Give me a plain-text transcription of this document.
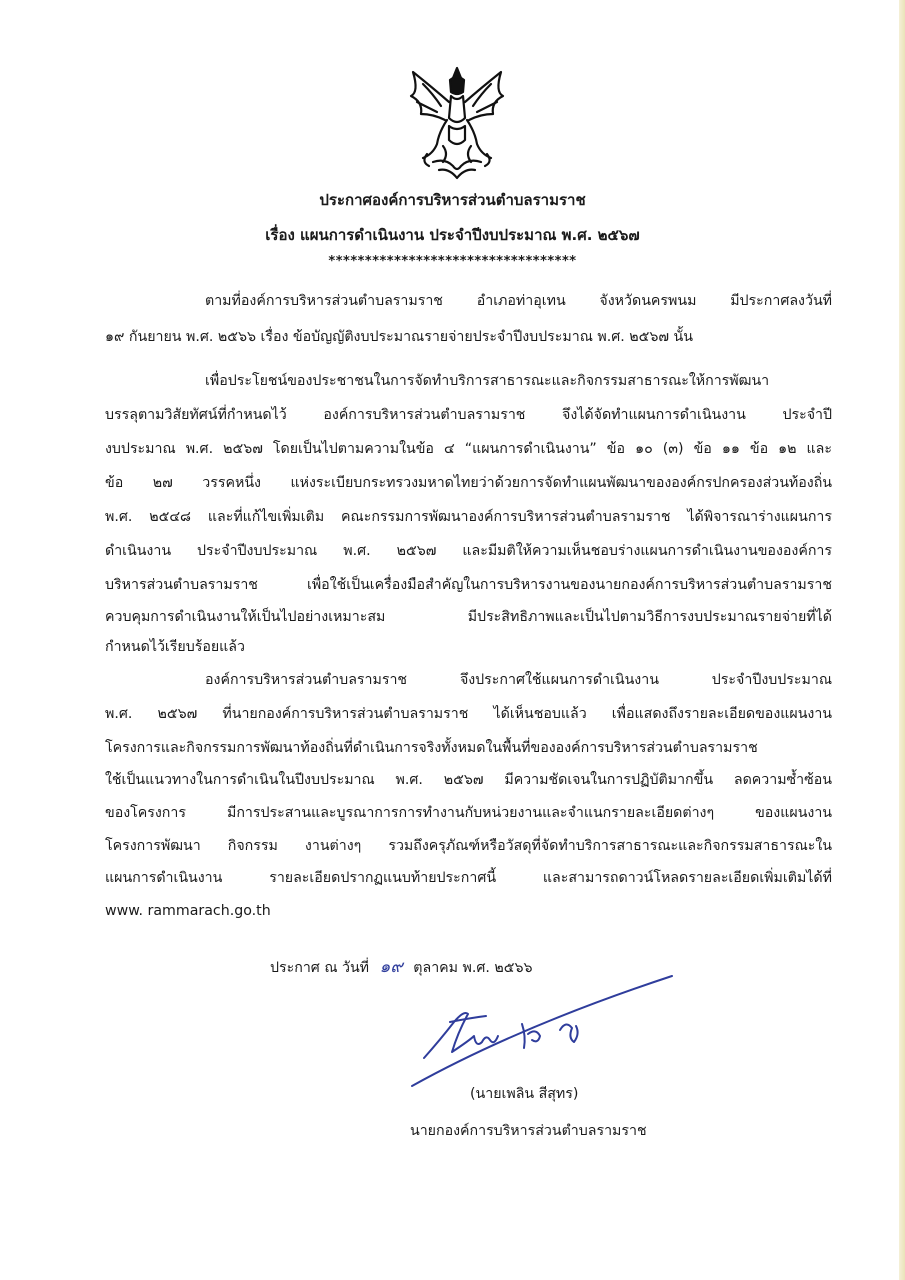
ประกาศองค์การบริหารส่วนตำบลรามราช
เรื่อง แผนการดำเนินงาน ประจำปีงบประมาณ พ.ศ. ๒๕๖๗
**********************************
ตามที่องค์การบริหารส่วนตำบลรามราช อำเภอท่าอุเทน จังหวัดนครพนม มีประกาศลงวันที่
๑๙ กันยายน พ.ศ. ๒๕๖๖ เรื่อง ข้อบัญญัติงบประมาณรายจ่ายประจำปีงบประมาณ พ.ศ. ๒๕๖๗ นั้น
เพื่อประโยชน์ของประชาชนในการจัดทำบริการสาธารณะและกิจกรรมสาธารณะให้การพัฒนา
บรรลุตามวิสัยทัศน์ที่กำหนดไว้ องค์การบริหารส่วนตำบลรามราช จึงได้จัดทำแผนการดำเนินงาน ประจำปี
งบประมาณ พ.ศ. ๒๕๖๗ โดยเป็นไปตามความในข้อ ๔ “แผนการดำเนินงาน” ข้อ ๑๐ (๓) ข้อ ๑๑ ข้อ ๑๒ และ
ข้อ ๒๗ วรรคหนึ่ง แห่งระเบียบกระทรวงมหาดไทยว่าด้วยการจัดทำแผนพัฒนาขององค์กรปกครองส่วนท้องถิ่น
พ.ศ. ๒๕๔๘ และที่แก้ไขเพิ่มเติม คณะกรรมการพัฒนาองค์การบริหารส่วนตำบลรามราช ได้พิจารณาร่างแผนการ
ดำเนินงาน ประจำปีงบประมาณ พ.ศ. ๒๕๖๗ และมีมติให้ความเห็นชอบร่างแผนการดำเนินงานขององค์การ
บริหารส่วนตำบลรามราช เพื่อใช้เป็นเครื่องมือสำคัญในการบริหารงานของนายกองค์การบริหารส่วนตำบลรามราช
ควบคุมการดำเนินงานให้เป็นไปอย่างเหมาะสม มีประสิทธิภาพและเป็นไปตามวิธีการงบประมาณรายจ่ายที่ได้
กำหนดไว้เรียบร้อยแล้ว
องค์การบริหารส่วนตำบลรามราช จึงประกาศใช้แผนการดำเนินงาน ประจำปีงบประมาณ
พ.ศ. ๒๕๖๗ ที่นายกองค์การบริหารส่วนตำบลรามราช ได้เห็นชอบแล้ว เพื่อแสดงถึงรายละเอียดของแผนงาน
โครงการและกิจกรรมการพัฒนาท้องถิ่นที่ดำเนินการจริงทั้งหมดในพื้นที่ขององค์การบริหารส่วนตำบลรามราช
ใช้เป็นแนวทางในการดำเนินในปีงบประมาณ พ.ศ. ๒๕๖๗ มีความชัดเจนในการปฏิบัติมากขึ้น ลดความซ้ำซ้อน
ของโครงการ มีการประสานและบูรณาการการทำงานกับหน่วยงานและจำแนกรายละเอียดต่างๆ ของแผนงาน
โครงการพัฒนา กิจกรรม งานต่างๆ รวมถึงครุภัณฑ์หรือวัสดุที่จัดทำบริการสาธารณะและกิจกรรมสาธารณะใน
แผนการดำเนินงาน รายละเอียดปรากฏแนบท้ายประกาศนี้ และสามารถดาวน์โหลดรายละเอียดเพิ่มเติมได้ที่
www. rammarach.go.th
ประกาศ ณ วันที่ ๑๙ ตุลาคม พ.ศ. ๒๕๖๖
(นายเพลิน สีสุทร)
นายกองค์การบริหารส่วนตำบลรามราช
